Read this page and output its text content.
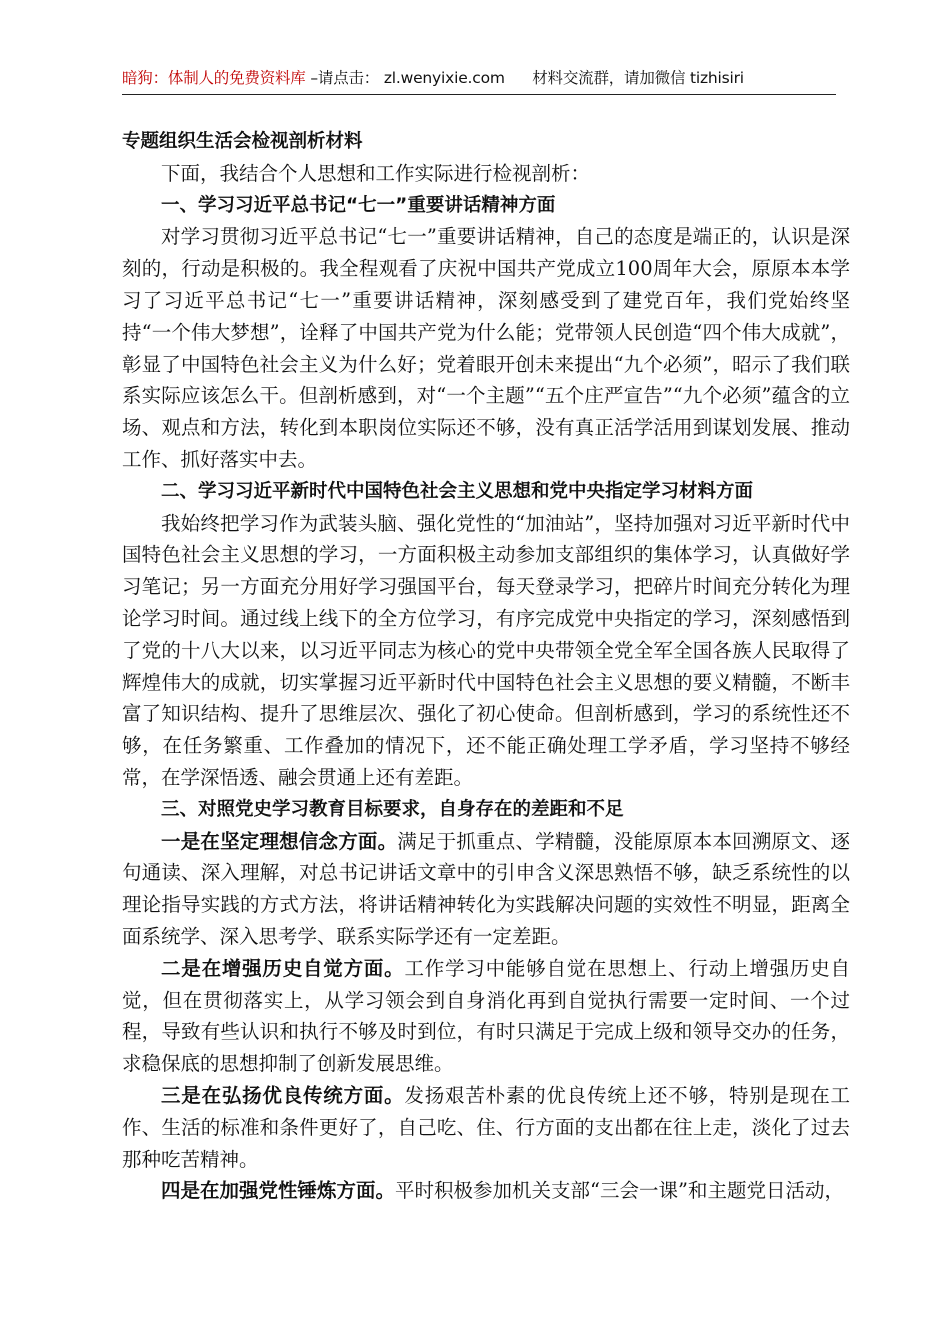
暗狗：体制人的免费资料库 –请点击： zl.wenyixie.com 材料交流群，请加微信 tizhisiri
专题组织生活会检视剖析材料

下面，我结合个人思想和工作实际进行检视剖析：

一、学习习近平总书记“七一”重要讲话精神方面

对学习贯彻习近平总书记“七一”重要讲话精神，自己的态度是端正的，认识是深刻的，行动是积极的。我全程观看了庆祝中国共产党成立100周年大会，原原本本学习了习近平总书记“七一”重要讲话精神，深刻感受到了建党百年，我们党始终坚持“一个伟大梦想”，诠释了中国共产党为什么能；党带领人民创造“四个伟大成就”，彰显了中国特色社会主义为什么好；党着眼开创未来提出“九个必须”，昭示了我们联系实际应该怎么干。但剖析感到，对“一个主题”“五个庄严宣告”“九个必须”蕴含的立场、观点和方法，转化到本职岗位实际还不够，没有真正活学活用到谋划发展、推动工作、抓好落实中去。

二、学习习近平新时代中国特色社会主义思想和党中央指定学习材料方面

我始终把学习作为武装头脑、强化党性的“加油站”，坚持加强对习近平新时代中国特色社会主义思想的学习，一方面积极主动参加支部组织的集体学习，认真做好学习笔记；另一方面充分用好学习强国平台，每天登录学习，把碎片时间充分转化为理论学习时间。通过线上线下的全方位学习，有序完成党中央指定的学习，深刻感悟到了党的十八大以来，以习近平同志为核心的党中央带领全党全军全国各族人民取得了辉煌伟大的成就，切实掌握习近平新时代中国特色社会主义思想的要义精髓，不断丰富了知识结构、提升了思维层次、强化了初心使命。但剖析感到，学习的系统性还不够，在任务繁重、工作叠加的情况下，还不能正确处理工学矛盾，学习坚持不够经常，在学深悟透、融会贯通上还有差距。

三、对照党史学习教育目标要求，自身存在的差距和不足

一是在坚定理想信念方面。满足于抓重点、学精髓，没能原原本本回溯原文、逐句通读、深入理解，对总书记讲话文章中的引申含义深思熟悟不够，缺乏系统性的以理论指导实践的方式方法，将讲话精神转化为实践解决问题的实效性不明显，距离全面系统学、深入思考学、联系实际学还有一定差距。

二是在增强历史自觉方面。工作学习中能够自觉在思想上、行动上增强历史自觉，但在贯彻落实上，从学习领会到自身消化再到自觉执行需要一定时间、一个过程，导致有些认识和执行不够及时到位，有时只满足于完成上级和领导交办的任务，求稳保底的思想抑制了创新发展思维。

三是在弘扬优良传统方面。发扬艰苦朴素的优良传统上还不够，特别是现在工作、生活的标准和条件更好了，自己吃、住、行方面的支出都在往上走，淡化了过去那种吃苦精神。

四是在加强党性锤炼方面。平时积极参加机关支部“三会一课”和主题党日活动，
